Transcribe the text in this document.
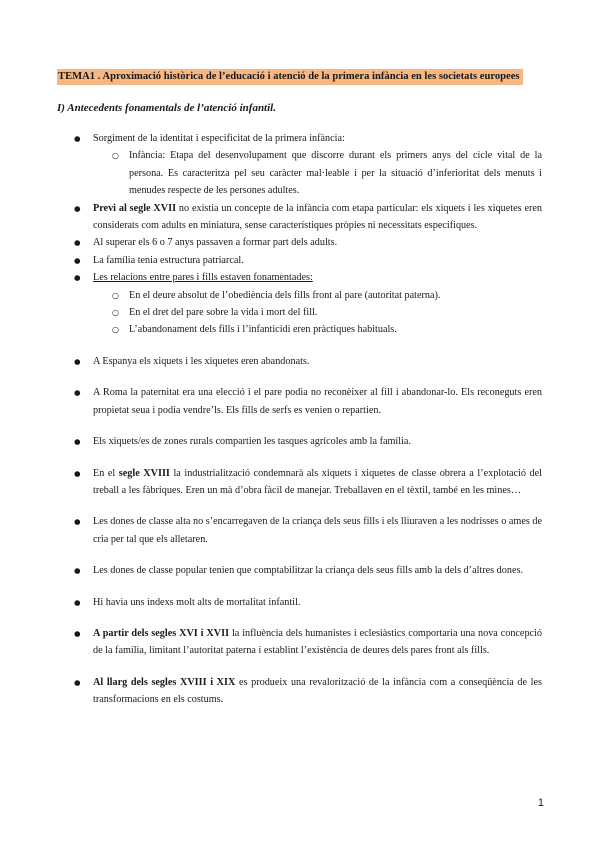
TEMA1 . Aproximació històrica de l’educació i atenció de la primera infància en les societats europees
I) Antecedents fonamentals de l’atenció infantil.
● Sorgiment de la identitat i especificitat de la primera infància:
○ Infància: Etapa del desenvolupament que discorre durant els primers anys del cicle vital de la persona. Es caracteritza pel seu caràcter mal·leable i per la situació d’inferioritat dels menuts i menudes respecte de les persones adultes.
● Previ al segle XVII no existia un concepte de la infància com etapa particular: els xiquets i les xiquetes eren considerats com adults en miniatura, sense característiques pròpies ni necessitats específiques.
● Al superar els 6 o 7 anys passaven a formar part dels adults.
● La família tenia estructura patriarcal.
● Les relacions entre pares i fills estaven fonamentades:
○ En el deure absolut de l’obediència dels fills front al pare (autoritat paterna).
○ En el dret del pare sobre la vida i mort del fill.
○ L’abandonament dels fills i l’infanticidi eren pràctiques habituals.
● A Espanya els xiquets i les xiquetes eren abandonats.
● A Roma la paternitat era una elecció i el pare podia no reconèixer al fill i abandonar-lo. Els reconeguts eren propietat seua i podia vendre’ls. Els fills de serfs es venien o repartien.
● Els xiquets/es de zones rurals compartien les tasques agrícoles amb la família.
● En el segle XVIII la industrialització condemnarà als xiquets i xiquetes de classe obrera a l’explotació del treball a les fàbriques. Eren un mà d’obra fàcil de manejar. Treballaven en el tèxtil, també en les mines…
● Les dones de classe alta no s’encarregaven de la criança dels seus fills i els lliuraven a les nodrisses o ames de cria per tal que els alletaren.
● Les dones de classe popular tenien que comptabilitzar la criança dels seus fills amb la dels d’altres dones.
● Hi havia uns índexs molt alts de mortalitat infantil.
● A partir dels segles XVI i XVII la influència dels humanistes i eclesiàstics comportaria una nova concepció de la família, limitant l’autoritat paterna i establint l’existència de deures dels pares front als fills.
● Al llarg dels segles XVIII i XIX es produeix una revalorització de la infància com a conseqüència de les transformacions en els costums.
1
